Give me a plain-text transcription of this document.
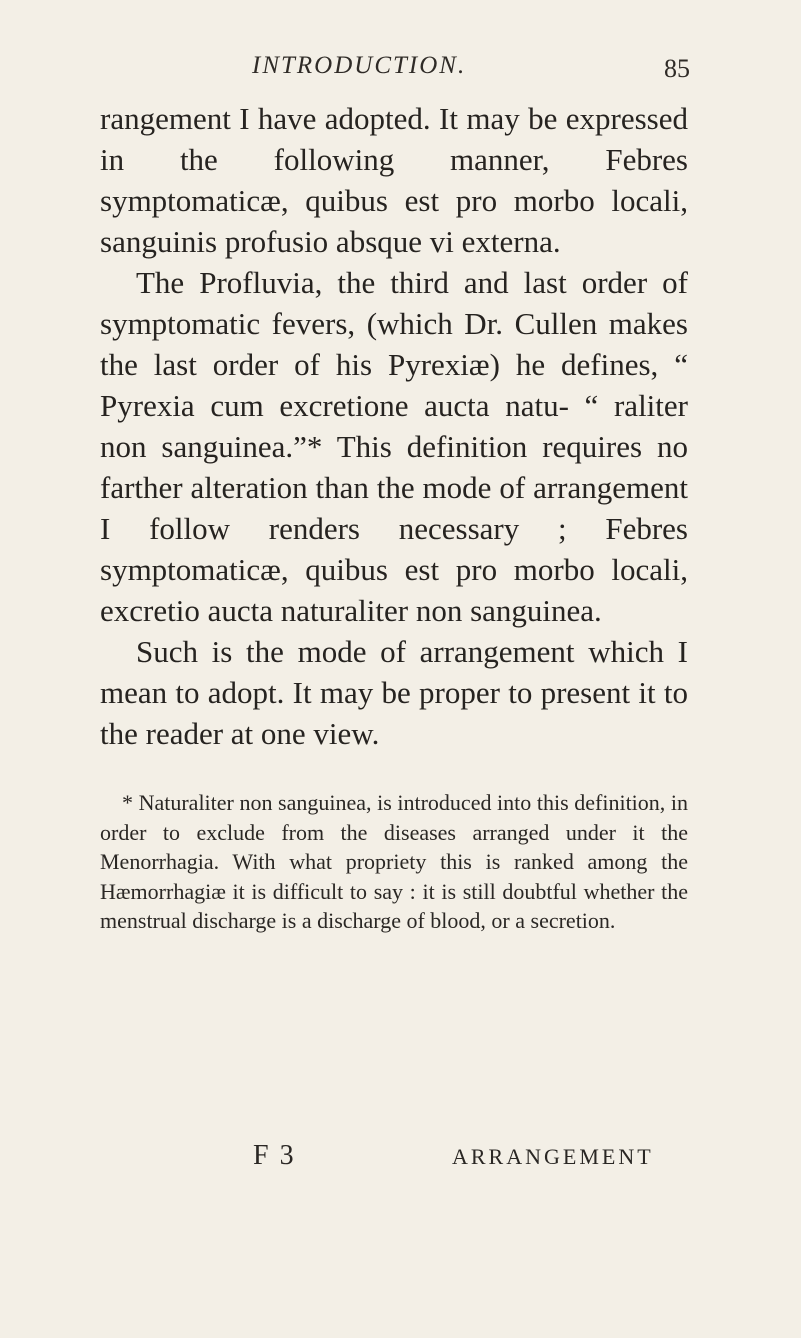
INTRODUCTION.	85

rangement I have adopted. It may be expressed in the following manner, Febres symptomaticæ, quibus est pro morbo locali, sanguinis profusio absque vi externa.

The Profluvia, the third and last order of symptomatic fevers, (which Dr. Cullen makes the last order of his Pyrexiæ) he defines, “ Pyrexia cum excretione aucta natu- “ raliter non sanguinea.”* This definition requires no farther alteration than the mode of arrangement I follow renders necessary ; Febres symptomaticæ, quibus est pro morbo locali, excretio aucta naturaliter non sanguinea.

Such is the mode of arrangement which I mean to adopt. It may be proper to present it to the reader at one view.

* Naturaliter non sanguinea, is introduced into this definition, in order to exclude from the diseases arranged under it the Menorrhagia. With what propriety this is ranked among the Hæmorrhagiæ it is difficult to say : it is still doubtful whether the menstrual discharge is a discharge of blood, or a secretion.

F 3	ARRANGEMENT
